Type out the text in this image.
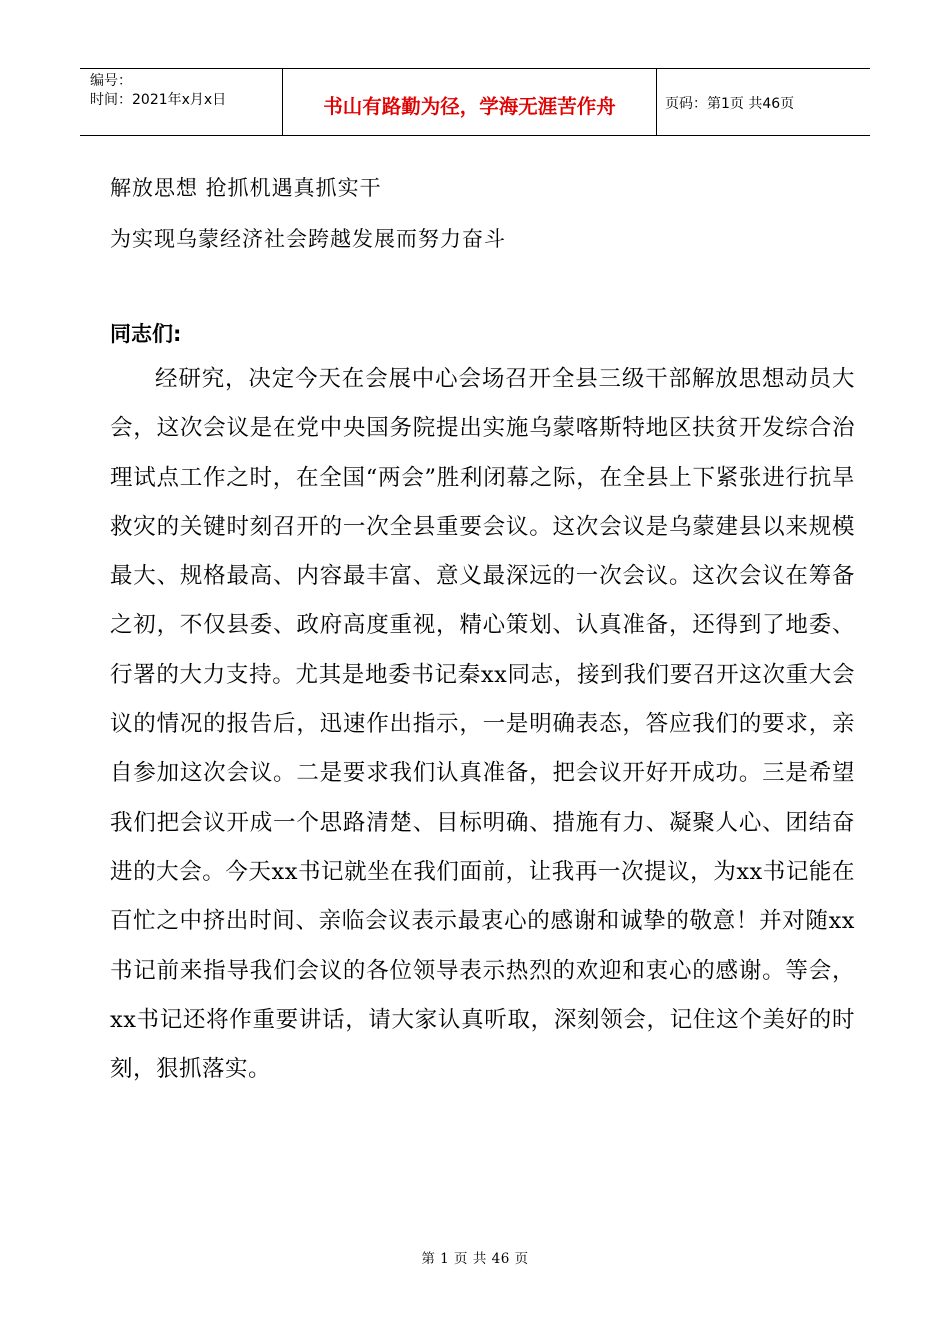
编号：
时间：2021年x月x日	书山有路勤为径，学海无涯苦作舟	页码：第1页 共46页
解放思想 抢抓机遇真抓实干
为实现乌蒙经济社会跨越发展而努力奋斗
同志们:

经研究，决定今天在会展中心会场召开全县三级干部解放思想动员大会，这次会议是在党中央国务院提出实施乌蒙喀斯特地区扶贫开发综合治理试点工作之时，在全国“两会”胜利闭幕之际，在全县上下紧张进行抗旱救灾的关键时刻召开的一次全县重要会议。这次会议是乌蒙建县以来规模最大、规格最高、内容最丰富、意义最深远的一次会议。这次会议在筹备之初，不仅县委、政府高度重视，精心策划、认真准备，还得到了地委、行署的大力支持。尤其是地委书记秦xx同志，接到我们要召开这次重大会议的情况的报告后，迅速作出指示，一是明确表态，答应我们的要求，亲自参加这次会议。二是要求我们认真准备，把会议开好开成功。三是希望我们把会议开成一个思路清楚、目标明确、措施有力、凝聚人心、团结奋进的大会。今天xx书记就坐在我们面前，让我再一次提议，为xx书记能在百忙之中挤出时间、亲临会议表示最衷心的感谢和诚挚的敬意！并对随xx书记前来指导我们会议的各位领导表示热烈的欢迎和衷心的感谢。等会，xx书记还将作重要讲话，请大家认真听取，深刻领会，记住这个美好的时刻，狠抓落实。

第 1 页 共 46 页
